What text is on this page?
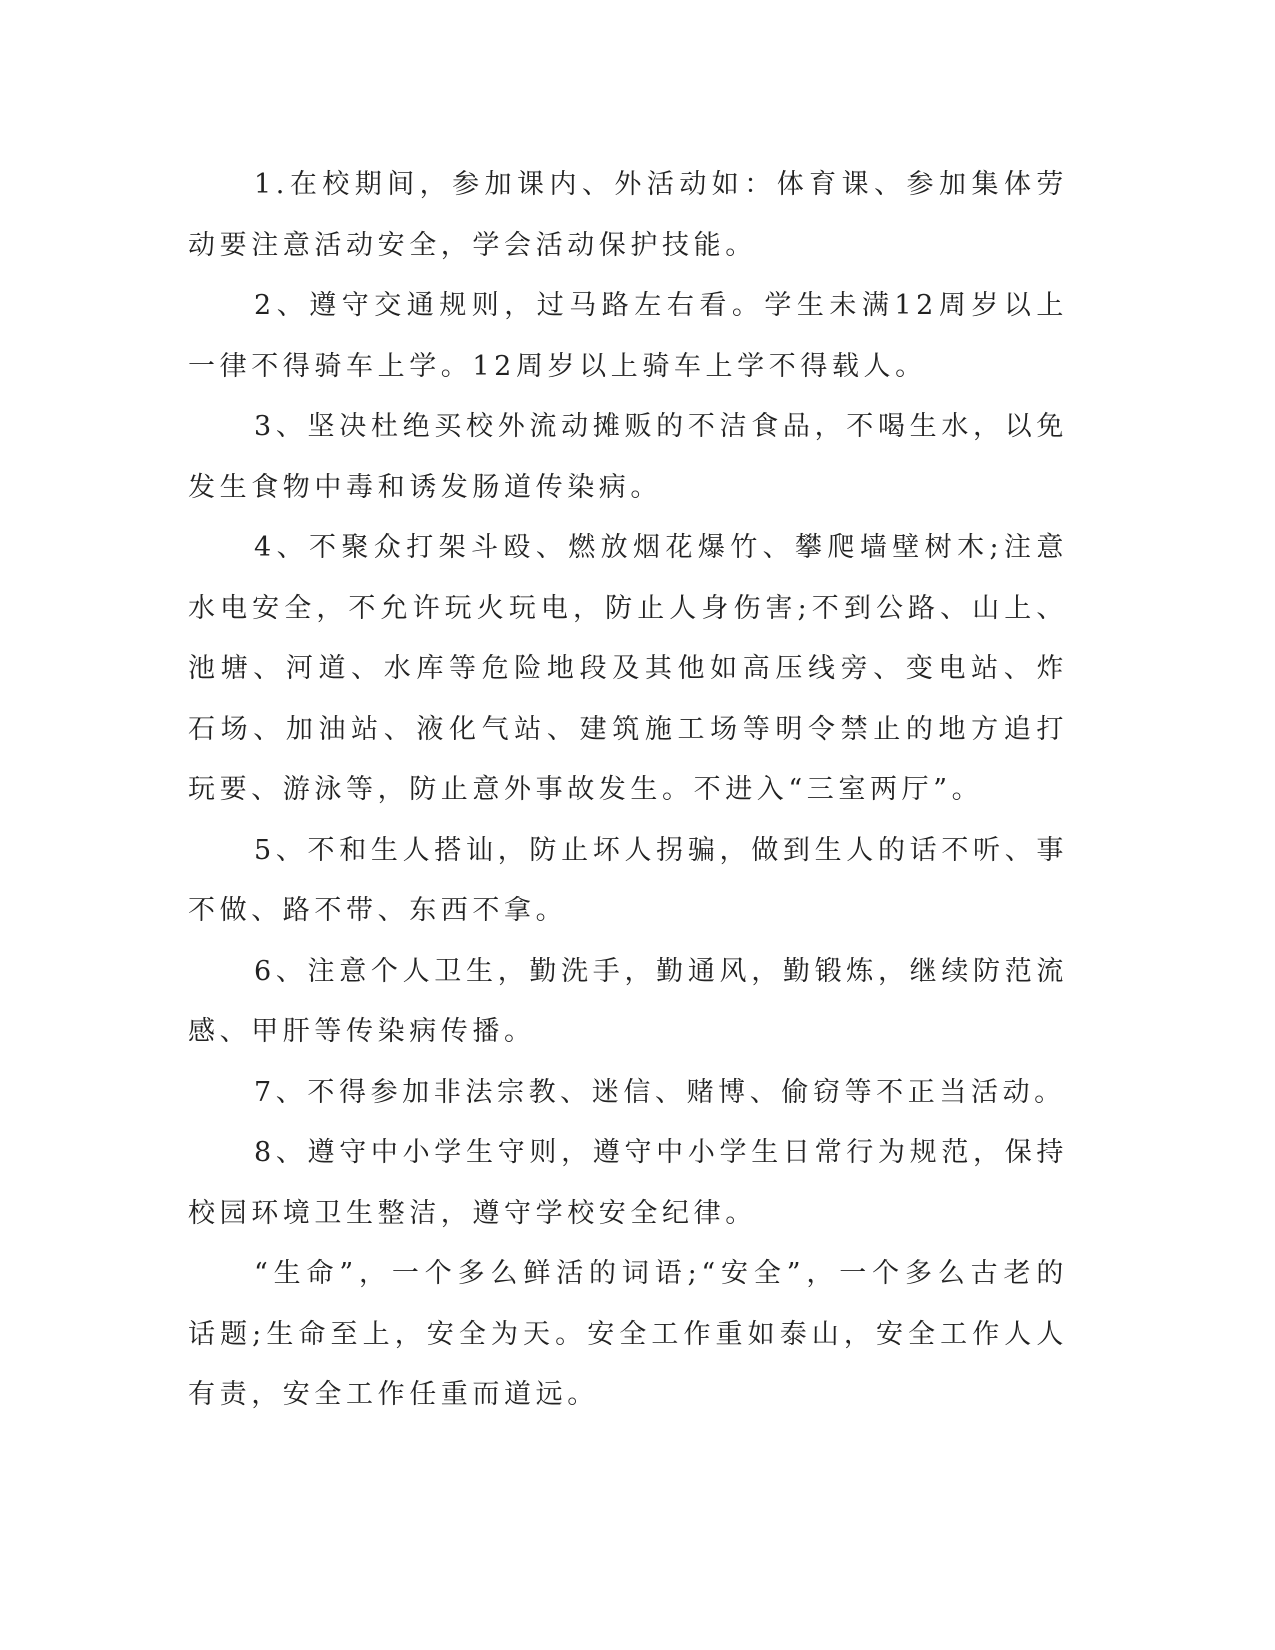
1.在校期间，参加课内、外活动如：体育课、参加集体劳动要注意活动安全，学会活动保护技能。

2、遵守交通规则，过马路左右看。学生未满12周岁以上一律不得骑车上学。12周岁以上骑车上学不得载人。

3、坚决杜绝买校外流动摊贩的不洁食品，不喝生水，以免发生食物中毒和诱发肠道传染病。

4、不聚众打架斗殴、燃放烟花爆竹、攀爬墙壁树木;注意水电安全，不允许玩火玩电，防止人身伤害;不到公路、山上、池塘、河道、水库等危险地段及其他如高压线旁、变电站、炸石场、加油站、液化气站、建筑施工场等明令禁止的地方追打玩要、游泳等，防止意外事故发生。不进入“三室两厅”。

5、不和生人搭讪，防止坏人拐骗，做到生人的话不听、事不做、路不带、东西不拿。

6、注意个人卫生，勤洗手，勤通风，勤锻炼，继续防范流感、甲肝等传染病传播。

7、不得参加非法宗教、迷信、赌博、偷窃等不正当活动。

8、遵守中小学生守则，遵守中小学生日常行为规范，保持校园环境卫生整洁，遵守学校安全纪律。

“生命”，一个多么鲜活的词语;“安全”，一个多么古老的话题;生命至上，安全为天。安全工作重如泰山，安全工作人人有责，安全工作任重而道远。
